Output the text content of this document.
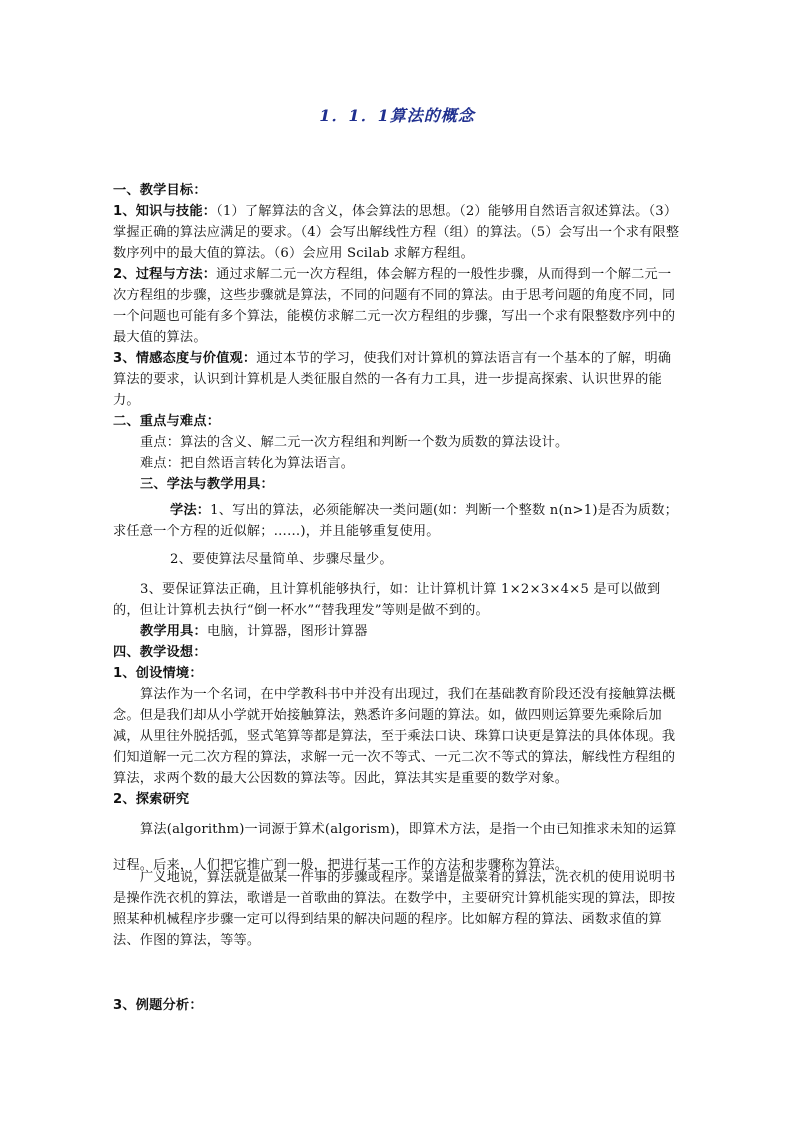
1．1．1算法的概念
一、教学目标：
1、知识与技能：（1）了解算法的含义，体会算法的思想。（2）能够用自然语言叙述算法。（3）掌握正确的算法应满足的要求。（4）会写出解线性方程（组）的算法。（5）会写出一个求有限整数序列中的最大值的算法。（6）会应用 Scilab 求解方程组。
2、过程与方法：通过求解二元一次方程组，体会解方程的一般性步骤，从而得到一个解二元一次方程组的步骤，这些步骤就是算法，不同的问题有不同的算法。由于思考问题的角度不同，同一个问题也可能有多个算法，能模仿求解二元一次方程组的步骤，写出一个求有限整数序列中的最大值的算法。
3、情感态度与价值观：通过本节的学习，使我们对计算机的算法语言有一个基本的了解，明确算法的要求，认识到计算机是人类征服自然的一各有力工具，进一步提高探索、认识世界的能力。
二、重点与难点：
重点：算法的含义、解二元一次方程组和判断一个数为质数的算法设计。
难点：把自然语言转化为算法语言。
三、学法与教学用具：
学法：1、写出的算法，必须能解决一类问题(如：判断一个整数 n(n>1)是否为质数；求任意一个方程的近似解；……)，并且能够重复使用。
2、要使算法尽量简单、步骤尽量少。
3、要保证算法正确，且计算机能够执行，如：让计算机计算 1×2×3×4×5 是可以做到的，但让计算机去执行“倒一杯水”“替我理发”等则是做不到的。
教学用具：电脑，计算器，图形计算器
四、教学设想：
1、创设情境：
算法作为一个名词，在中学教科书中并没有出现过，我们在基础教育阶段还没有接触算法概念。但是我们却从小学就开始接触算法，熟悉许多问题的算法。如，做四则运算要先乘除后加减，从里往外脱括弧，竖式笔算等都是算法，至于乘法口诀、珠算口诀更是算法的具体体现。我们知道解一元二次方程的算法，求解一元一次不等式、一元二次不等式的算法，解线性方程组的算法，求两个数的最大公因数的算法等。因此，算法其实是重要的数学对象。
2、探索研究
算法(algorithm)一词源于算术(algorism)，即算术方法，是指一个由已知推求未知的运算过程。后来，人们把它推广到一般，把进行某一工作的方法和步骤称为算法。
广义地说，算法就是做某一件事的步骤或程序。菜谱是做菜肴的算法，洗衣机的使用说明书是操作洗衣机的算法，歌谱是一首歌曲的算法。在数学中，主要研究计算机能实现的算法，即按照某种机械程序步骤一定可以得到结果的解决问题的程序。比如解方程的算法、函数求值的算法、作图的算法，等等。
3、例题分析：
